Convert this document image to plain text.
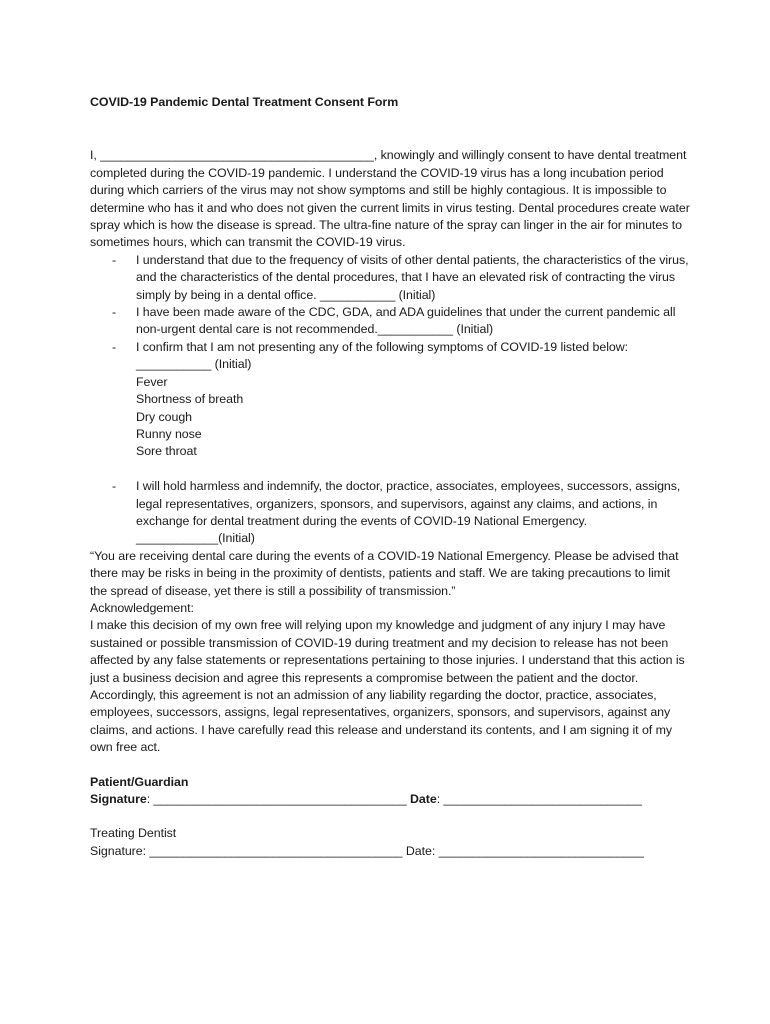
COVID-19 Pandemic Dental Treatment Consent Form

I, ________________________________________, knowingly and willingly consent to have dental treatment completed during the COVID-19 pandemic. I understand the COVID-19 virus has a long incubation period during which carriers of the virus may not show symptoms and still be highly contagious. It is impossible to determine who has it and who does not given the current limits in virus testing. Dental procedures create water spray which is how the disease is spread. The ultra-fine nature of the spray can linger in the air for minutes to sometimes hours, which can transmit the COVID-19 virus.

- I understand that due to the frequency of visits of other dental patients, the characteristics of the virus, and the characteristics of the dental procedures, that I have an elevated risk of contracting the virus simply by being in a dental office. ___________ (Initial)
- I have been made aware of the CDC, GDA, and ADA guidelines that under the current pandemic all non-urgent dental care is not recommended.___________ (Initial)
- I confirm that I am not presenting any of the following symptoms of COVID-19 listed below: ___________ (Initial)
Fever
Shortness of breath
Dry cough
Runny nose
Sore throat
- I will hold harmless and indemnify, the doctor, practice, associates, employees, successors, assigns, legal representatives, organizers, sponsors, and supervisors, against any claims, and actions, in exchange for dental treatment during the events of COVID-19 National Emergency. ____________(Initial)

“You are receiving dental care during the events of a COVID-19 National Emergency. Please be advised that there may be risks in being in the proximity of dentists, patients and staff. We are taking precautions to limit the spread of disease, yet there is still a possibility of transmission.”

Acknowledgement:

I make this decision of my own free will relying upon my knowledge and judgment of any injury I may have sustained or possible transmission of COVID-19 during treatment and my decision to release has not been affected by any false statements or representations pertaining to those injuries. I understand that this action is just a business decision and agree this represents a compromise between the patient and the doctor. Accordingly, this agreement is not an admission of any liability regarding the doctor, practice, associates, employees, successors, assigns, legal representatives, organizers, sponsors, and supervisors, against any claims, and actions. I have carefully read this release and understand its contents, and I am signing it of my own free act.

Patient/Guardian
Signature: _____________________________________ Date: _____________________________
Treating Dentist
Signature: _____________________________________ Date: ______________________________
